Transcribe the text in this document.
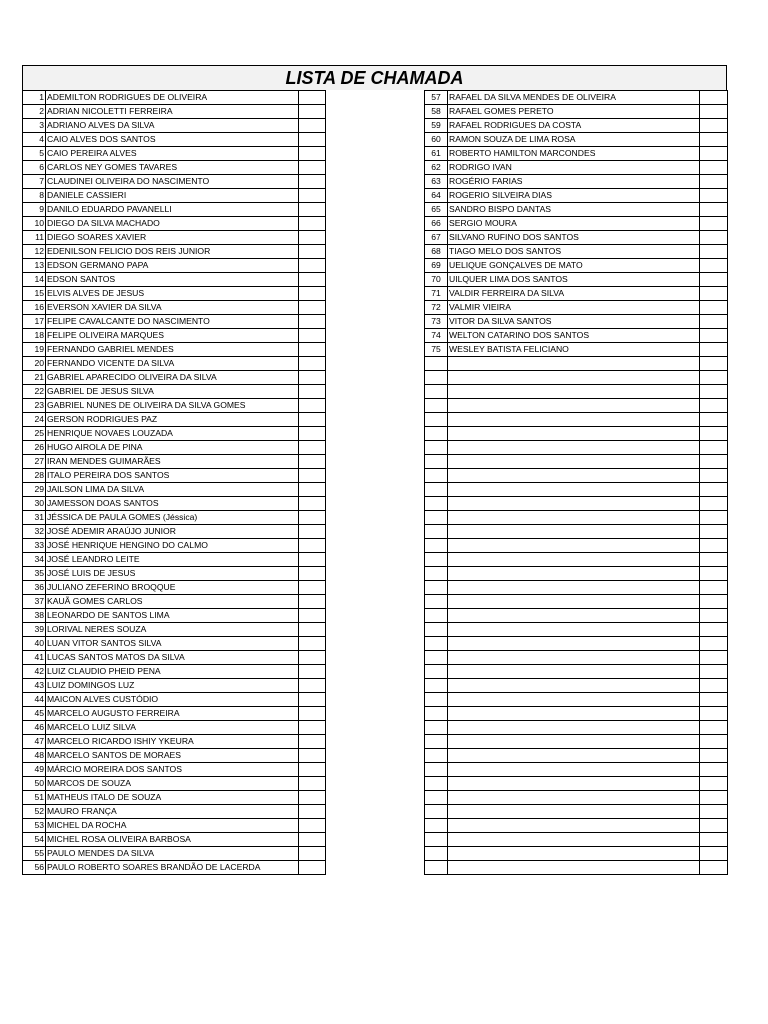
LISTA DE CHAMADA
1	ADEMILTON RODRIGUES DE OLIVEIRA			57	RAFAEL DA SILVA MENDES DE OLIVEIRA	
2	ADRIAN NICOLETTI FERREIRA			58	RAFAEL GOMES PERETO	
3	ADRIANO ALVES DA SILVA			59	RAFAEL RODRIGUES DA COSTA	
4	CAIO ALVES DOS SANTOS			60	RAMON SOUZA DE LIMA ROSA	
5	CAIO PEREIRA ALVES			61	ROBERTO HAMILTON MARCONDES	
6	CARLOS NEY GOMES TAVARES			62	RODRIGO IVAN	
7	CLAUDINEI OLIVEIRA DO NASCIMENTO			63	ROGÉRIO FARIAS	
8	DANIELE CASSIERI			64	ROGERIO SILVEIRA DIAS	
9	DANILO EDUARDO PAVANELLI			65	SANDRO BISPO DANTAS	
10	DIEGO DA SILVA MACHADO			66	SERGIO MOURA	
11	DIEGO SOARES XAVIER			67	SILVANO RUFINO DOS SANTOS	
12	EDENILSON FELICIO DOS REIS JUNIOR			68	TIAGO MELO DOS SANTOS	
13	EDSON GERMANO PAPA			69	UELIQUE GONÇALVES DE MATO	
14	EDSON SANTOS			70	UILQUER LIMA DOS SANTOS	
15	ELVIS ALVES DE JESUS			71	VALDIR FERREIRA DA SILVA	
16	EVERSON XAVIER DA SILVA			72	VALMIR VIEIRA	
17	FELIPE CAVALCANTE DO NASCIMENTO			73	VITOR DA SILVA SANTOS	
18	FELIPE OLIVEIRA MARQUES			74	WELTON CATARINO DOS SANTOS	
19	FERNANDO GABRIEL MENDES			75	WESLEY BATISTA FELICIANO	
20	FERNANDO VICENTE DA SILVA					
21	GABRIEL APARECIDO OLIVEIRA DA SILVA					
22	GABRIEL DE JESUS SILVA					
23	GABRIEL NUNES DE OLIVEIRA DA SILVA GOMES					
24	GERSON RODRIGUES PAZ					
25	HENRIQUE NOVAES LOUZADA					
26	HUGO AIROLA DE PINA					
27	IRAN MENDES GUIMARÃES					
28	ITALO PEREIRA DOS SANTOS					
29	JAILSON LIMA DA SILVA					
30	JAMESSON DOAS SANTOS					
31	JÉSSICA DE PAULA GOMES (Jéssica)					
32	JOSÉ ADEMIR ARAÚJO JUNIOR					
33	JOSÉ HENRIQUE HENGINO DO CALMO					
34	JOSÉ LEANDRO LEITE					
35	JOSÉ LUIS DE JESUS					
36	JULIANO ZEFERINO BROQQUE					
37	KAUÃ GOMES CARLOS					
38	LEONARDO DE SANTOS LIMA					
39	LORIVAL NERES SOUZA					
40	LUAN VITOR SANTOS SILVA					
41	LUCAS SANTOS MATOS DA SILVA					
42	LUIZ CLAUDIO PHEID PENA					
43	LUIZ DOMINGOS LUZ					
44	MAICON ALVES CUSTÓDIO					
45	MARCELO AUGUSTO FERREIRA					
46	MARCELO LUIZ SILVA					
47	MARCELO RICARDO ISHIY YKEURA					
48	MARCELO SANTOS DE MORAES					
49	MÁRCIO MOREIRA DOS SANTOS					
50	MARCOS DE SOUZA					
51	MATHEUS ITALO DE SOUZA					
52	MAURO FRANÇA					
53	MICHEL DA ROCHA					
54	MICHEL ROSA OLIVEIRA BARBOSA					
55	PAULO MENDES DA SILVA					
56	PAULO ROBERTO SOARES BRANDÃO DE LACERDA					
